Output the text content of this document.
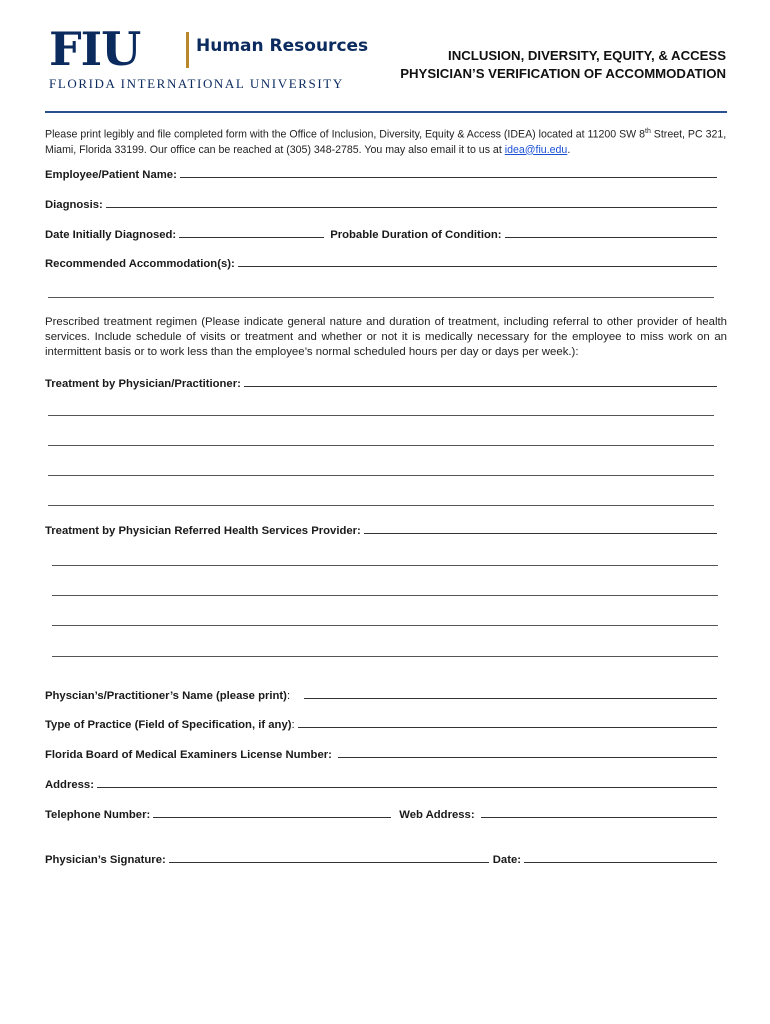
FIU	Human Resources
FLORIDA INTERNATIONAL UNIVERSITY
INCLUSION, DIVERSITY, EQUITY, & ACCESS
PHYSICIAN’S VERIFICATION OF ACCOMMODATION
Please print legibly and file completed form with the Office of Inclusion, Diversity, Equity & Access (IDEA) located at 11200 SW 8th Street, PC 321, Miami, Florida 33199. Our office can be reached at (305) 348-2785. You may also email it to us at idea@fiu.edu.
Employee/Patient Name:
Diagnosis:
Date Initially Diagnosed:	Probable Duration of Condition:
Recommended Accommodation(s):
Prescribed treatment regimen (Please indicate general nature and duration of treatment, including referral to other provider of health services. Include schedule of visits or treatment and whether or not it is medically necessary for the employee to miss work on an intermittent basis or to work less than the employee’s normal scheduled hours per day or days per week.):
Treatment by Physician/Practitioner:
Treatment by Physician Referred Health Services Provider:
Physcian’s/Practitioner’s Name (please print) :
Type of Practice (Field of Specification, if any) :
Florida Board of Medical Examiners License Number:
Address:
Telephone Number:	Web Address:
Physician’s Signature:	Date:
